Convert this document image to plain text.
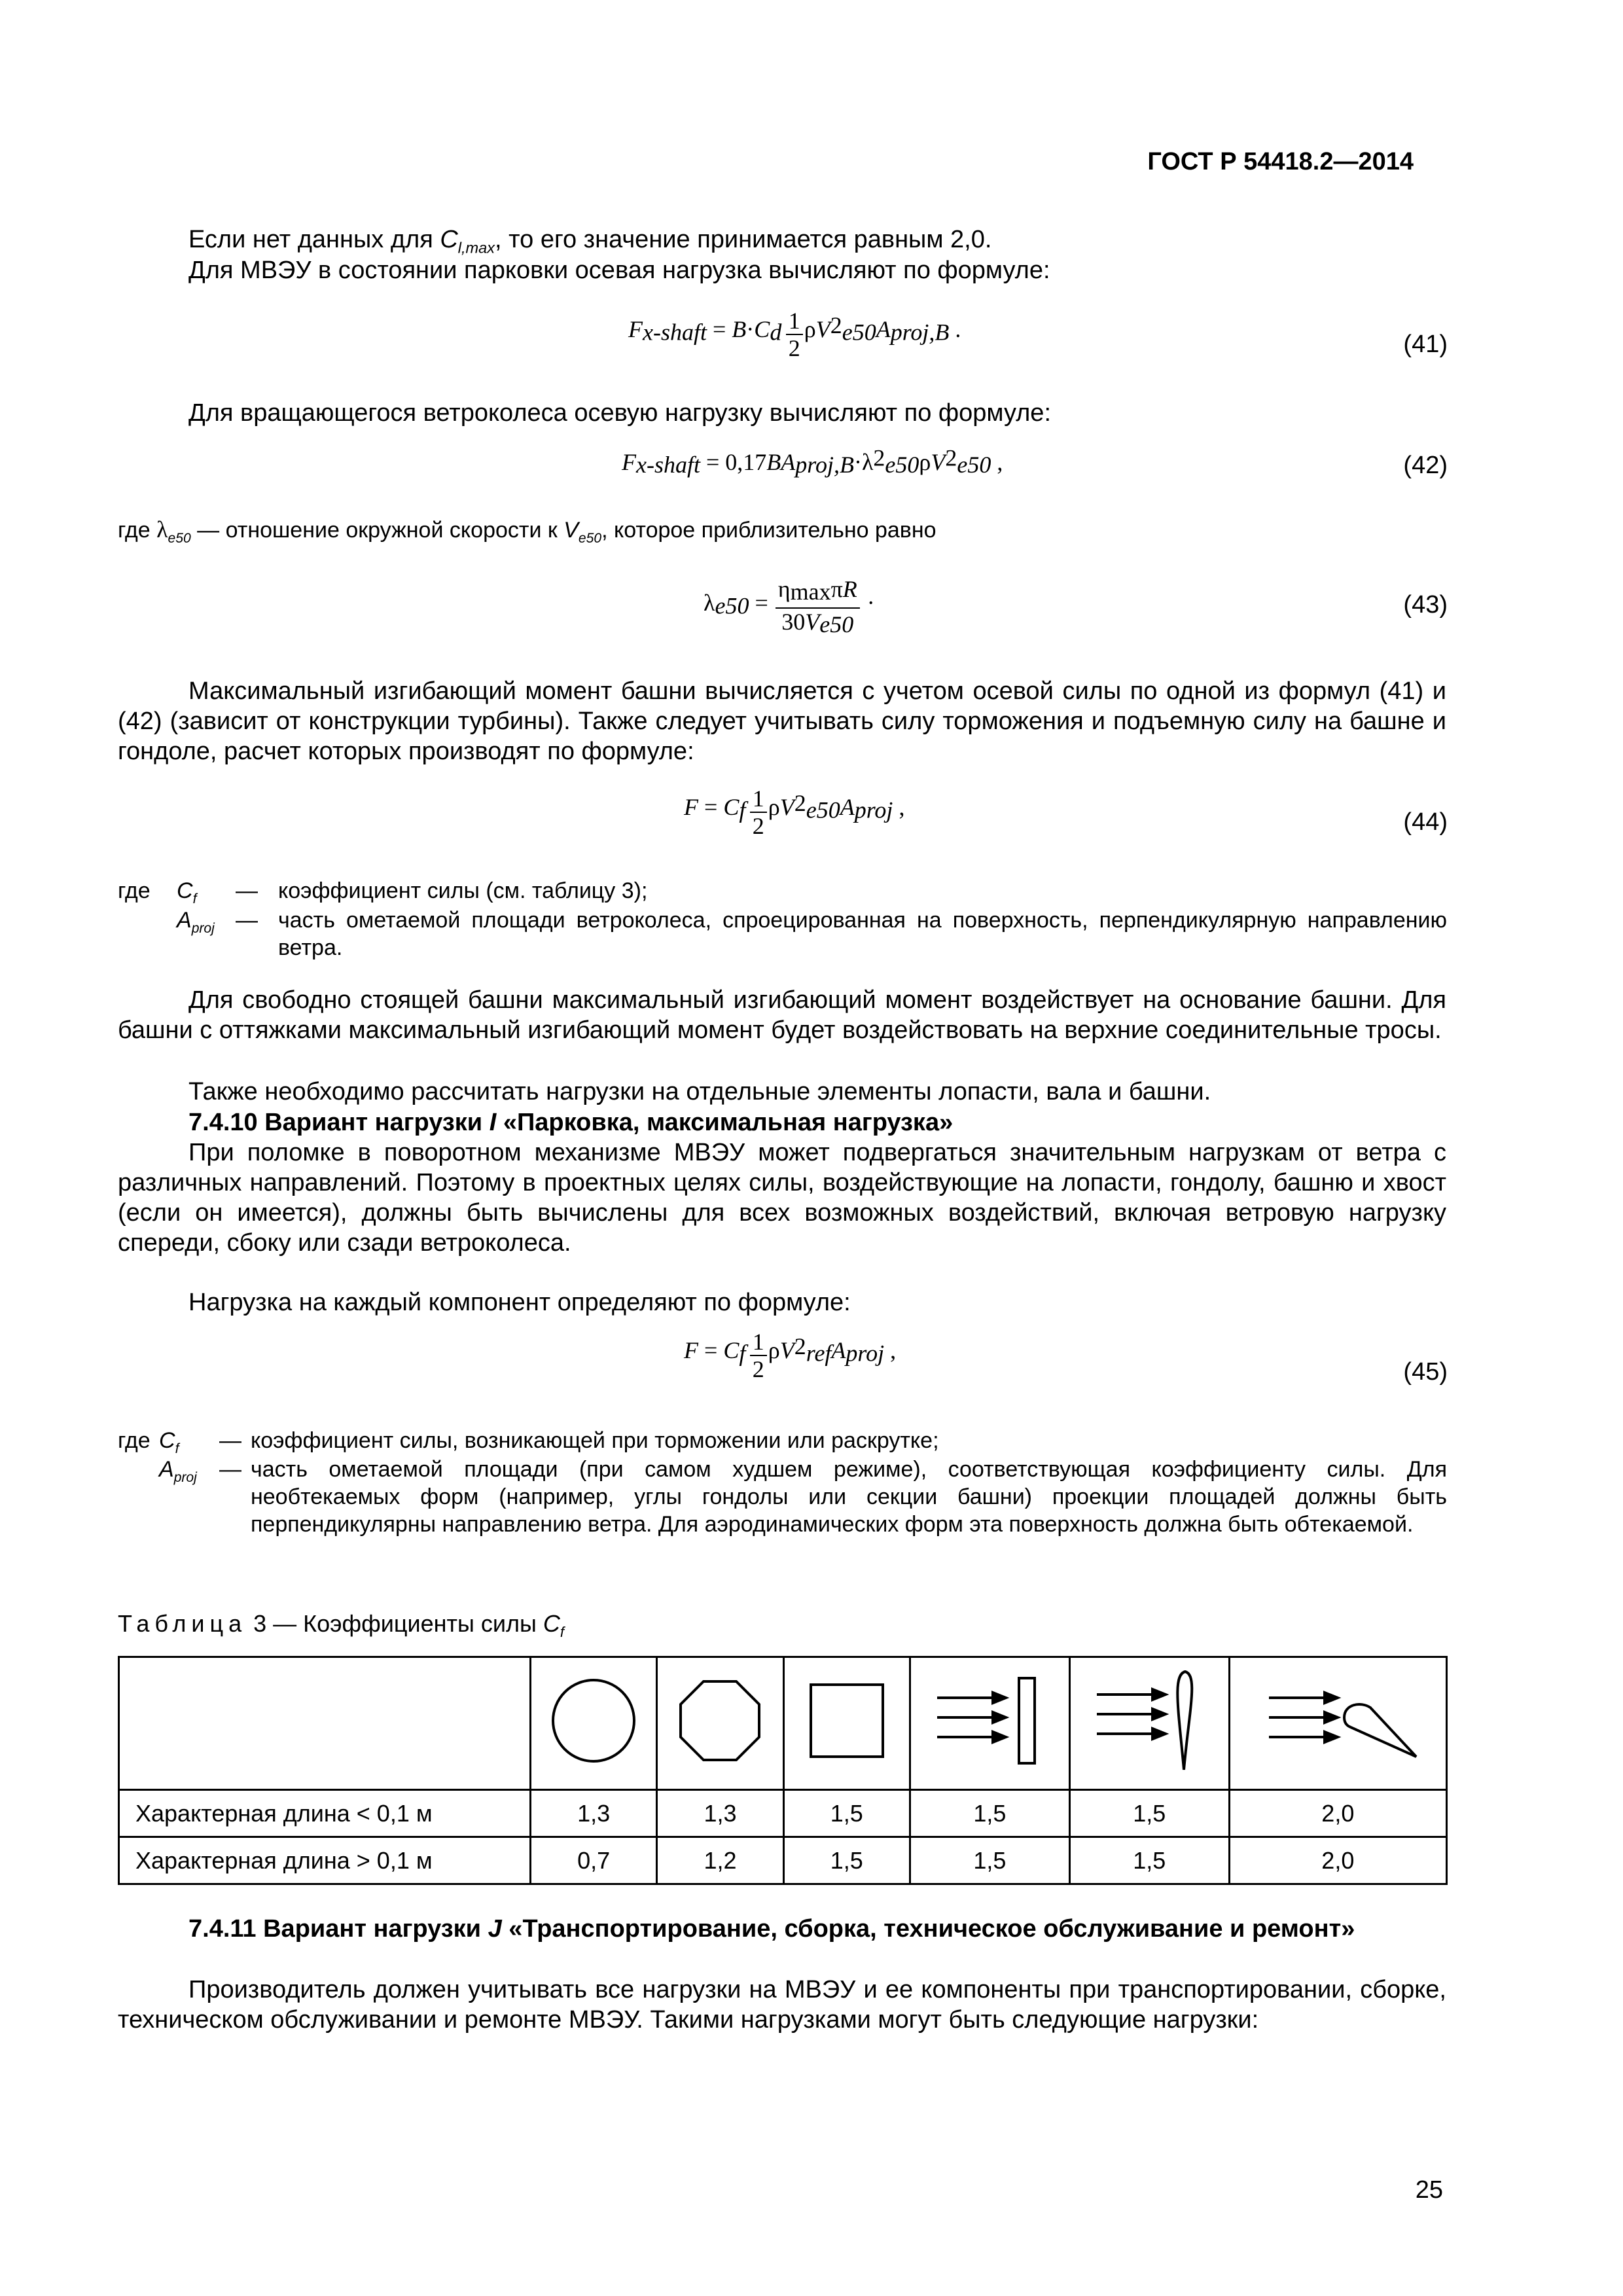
ГОСТ Р 54418.2—2014
Если нет данных для $C_{l,max}$, то его значение принимается равным 2,0.
Для МВЭУ в состоянии парковки осевая нагрузка вычисляют по формуле:
$F_{x-shaft} = B\cdot C_d \frac{1}{2} \rho V^2_{e50}A_{proj,B}$ .
(41)
Для вращающегося ветроколеса осевую нагрузку вычисляют по формуле:
$F_{x-shaft} = 0,17BA_{proj,B}\cdot\lambda^2_{e50}\rho V^2_{e50}$ ,	(42)
где $\lambda_{e50}$ — отношение окружной скорости к $V_{e50}$, которое приблизительно равно
$\lambda_{e50} = \frac{\eta_{max}\pi R}{30V_{e50}}$ ·	(43)
Максимальный изгибающий момент башни вычисляется с учетом осевой силы по одной из формул (41) и (42) (зависит от конструкции турбины). Также следует учитывать силу торможения и подъемную силу на башне и гондоле, расчет которых производят по формуле:
$F = C_f \frac{1}{2} \rho V^2_{e50}A_{proj}$ ,
(44)
где $C_f$ — коэффициент силы (см. таблицу 3);
$A_{proj}$ — часть ометаемой площади ветроколеса, спроецированная на поверхность, перпендикулярную направлению ветра.
Для свободно стоящей башни максимальный изгибающий момент воздействует на основание башни. Для башни с оттяжками максимальный изгибающий момент будет воздействовать на верхние соединительные тросы.
Также необходимо рассчитать нагрузки на отдельные элементы лопасти, вала и башни.
7.4.10 Вариант нагрузки I «Парковка, максимальная нагрузка»
При поломке в поворотном механизме МВЭУ может подвергаться значительным нагрузкам от ветра с различных направлений. Поэтому в проектных целях силы, воздействующие на лопасти, гондолу, башню и хвост (если он имеется), должны быть вычислены для всех возможных воздействий, включая ветровую нагрузку спереди, сбоку или сзади ветроколеса.
Нагрузка на каждый компонент определяют по формуле:
$F = C_f \frac{1}{2} \rho V^2_{ref}A_{proj}$ ,
(45)
где $C_f$ — коэффициент силы, возникающей при торможении или раскрутке;
$A_{proj}$ — часть ометаемой площади (при самом худшем режиме), соответствующая коэффициенту силы. Для необтекаемых форм (например, углы гондолы или секции башни) проекции площадей должны быть перпендикулярны направлению ветра. Для аэродинамических форм эта поверхность должна быть обтекаемой.
Таблица 3 — Коэффициенты силы $C_f$

Характерная длина < 0,1 м	1,3	1,3	1,5	1,5	1,5	2,0
Характерная длина > 0,1 м	0,7	1,2	1,5	1,5	1,5	2,0
7.4.11 Вариант нагрузки J «Транспортирование, сборка, техническое обслуживание и ремонт»
Производитель должен учитывать все нагрузки на МВЭУ и ее компоненты при транспортировании, сборке, техническом обслуживании и ремонте МВЭУ. Такими нагрузками могут быть следующие нагрузки:
25
